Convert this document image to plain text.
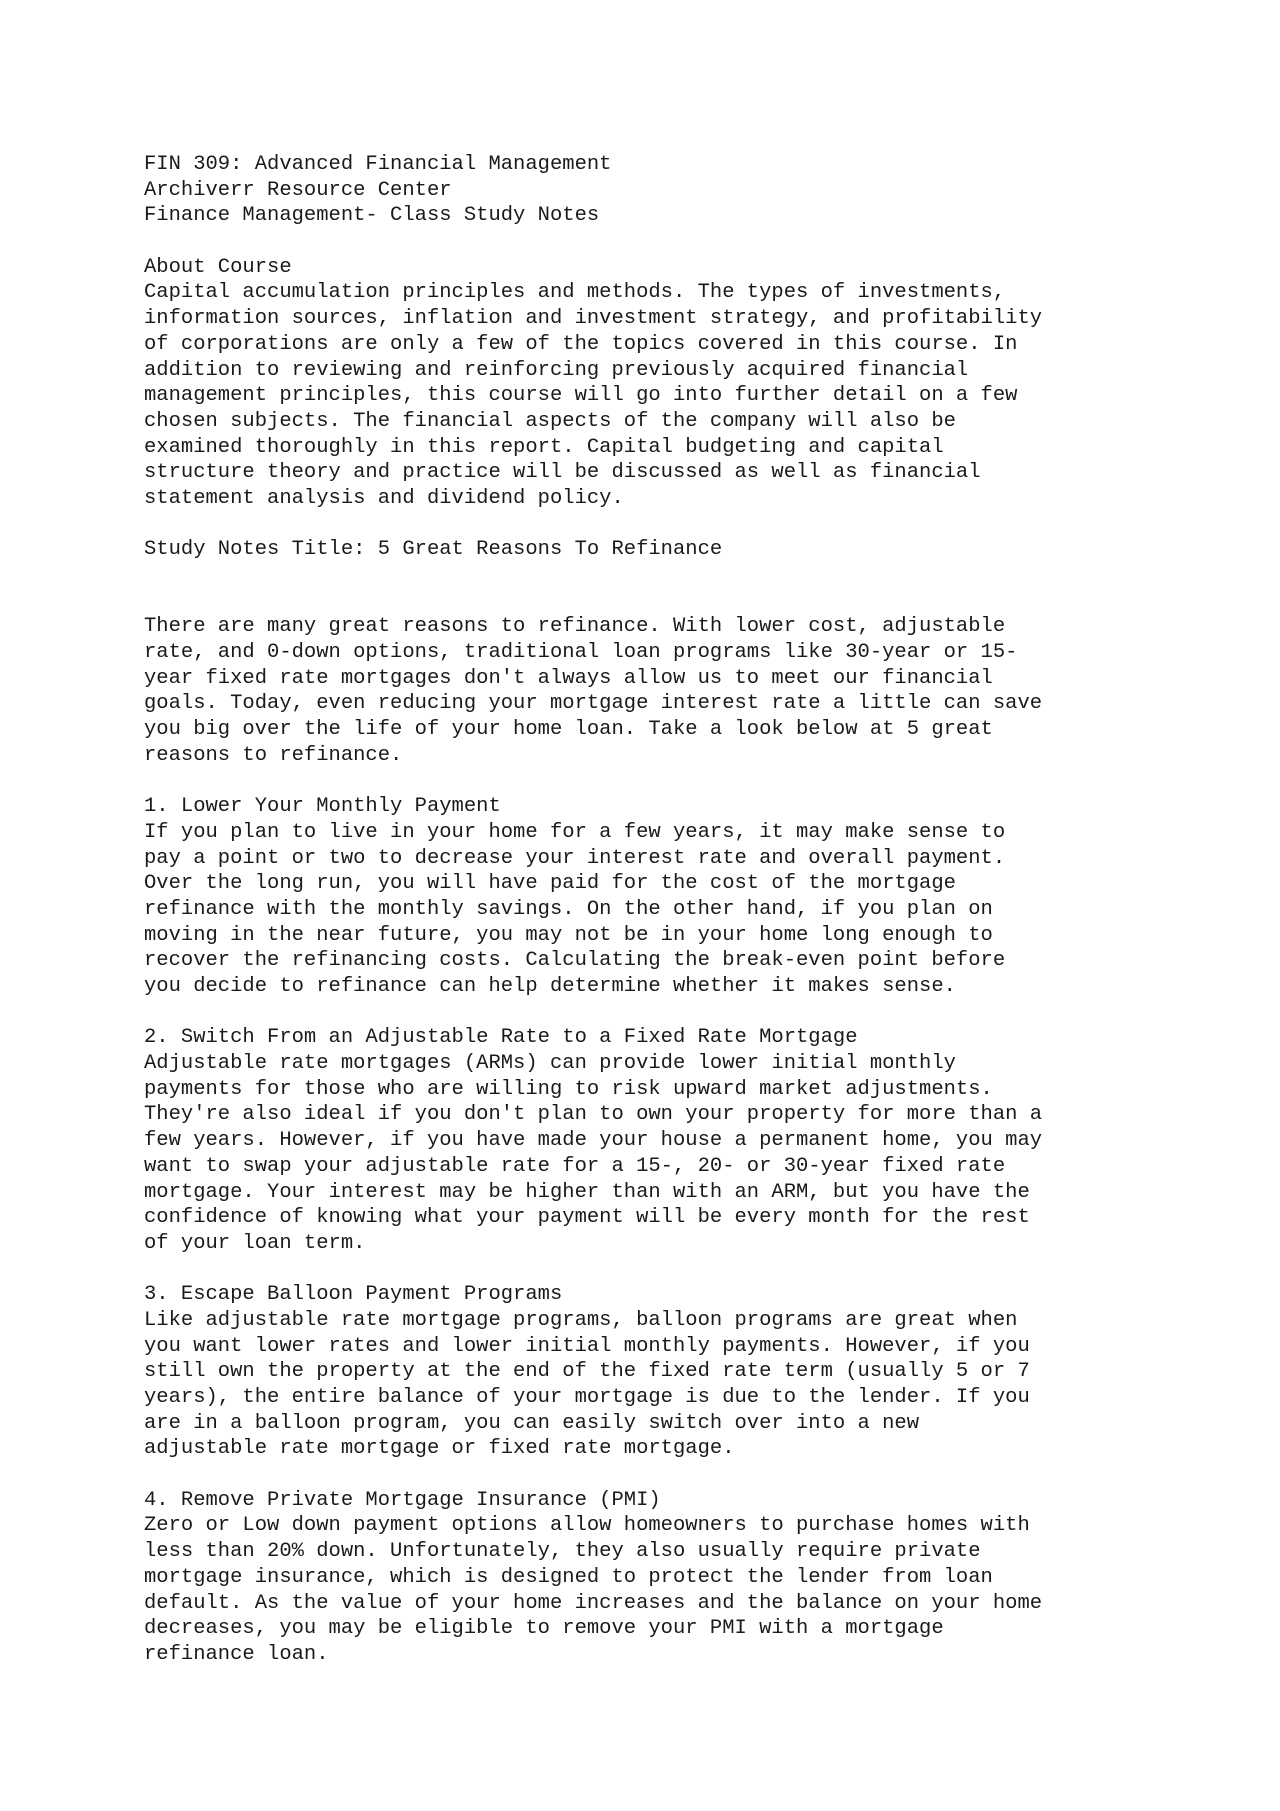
FIN 309: Advanced Financial Management
Archiverr Resource Center
Finance Management- Class Study Notes
About Course
Capital accumulation principles and methods. The types of investments,
information sources, inflation and investment strategy, and profitability
of corporations are only a few of the topics covered in this course. In
addition to reviewing and reinforcing previously acquired financial
management principles, this course will go into further detail on a few
chosen subjects. The financial aspects of the company will also be
examined thoroughly in this report. Capital budgeting and capital
structure theory and practice will be discussed as well as financial
statement analysis and dividend policy.
Study Notes Title: 5 Great Reasons To Refinance
There are many great reasons to refinance. With lower cost, adjustable
rate, and 0-down options, traditional loan programs like 30-year or 15-
year fixed rate mortgages don't always allow us to meet our financial
goals. Today, even reducing your mortgage interest rate a little can save
you big over the life of your home loan. Take a look below at 5 great
reasons to refinance.
1. Lower Your Monthly Payment
If you plan to live in your home for a few years, it may make sense to
pay a point or two to decrease your interest rate and overall payment.
Over the long run, you will have paid for the cost of the mortgage
refinance with the monthly savings. On the other hand, if you plan on
moving in the near future, you may not be in your home long enough to
recover the refinancing costs. Calculating the break-even point before
you decide to refinance can help determine whether it makes sense.
2. Switch From an Adjustable Rate to a Fixed Rate Mortgage
Adjustable rate mortgages (ARMs) can provide lower initial monthly
payments for those who are willing to risk upward market adjustments.
They're also ideal if you don't plan to own your property for more than a
few years. However, if you have made your house a permanent home, you may
want to swap your adjustable rate for a 15-, 20- or 30-year fixed rate
mortgage. Your interest may be higher than with an ARM, but you have the
confidence of knowing what your payment will be every month for the rest
of your loan term.
3. Escape Balloon Payment Programs
Like adjustable rate mortgage programs, balloon programs are great when
you want lower rates and lower initial monthly payments. However, if you
still own the property at the end of the fixed rate term (usually 5 or 7
years), the entire balance of your mortgage is due to the lender. If you
are in a balloon program, you can easily switch over into a new
adjustable rate mortgage or fixed rate mortgage.
4. Remove Private Mortgage Insurance (PMI)
Zero or Low down payment options allow homeowners to purchase homes with
less than 20% down. Unfortunately, they also usually require private
mortgage insurance, which is designed to protect the lender from loan
default. As the value of your home increases and the balance on your home
decreases, you may be eligible to remove your PMI with a mortgage
refinance loan.
